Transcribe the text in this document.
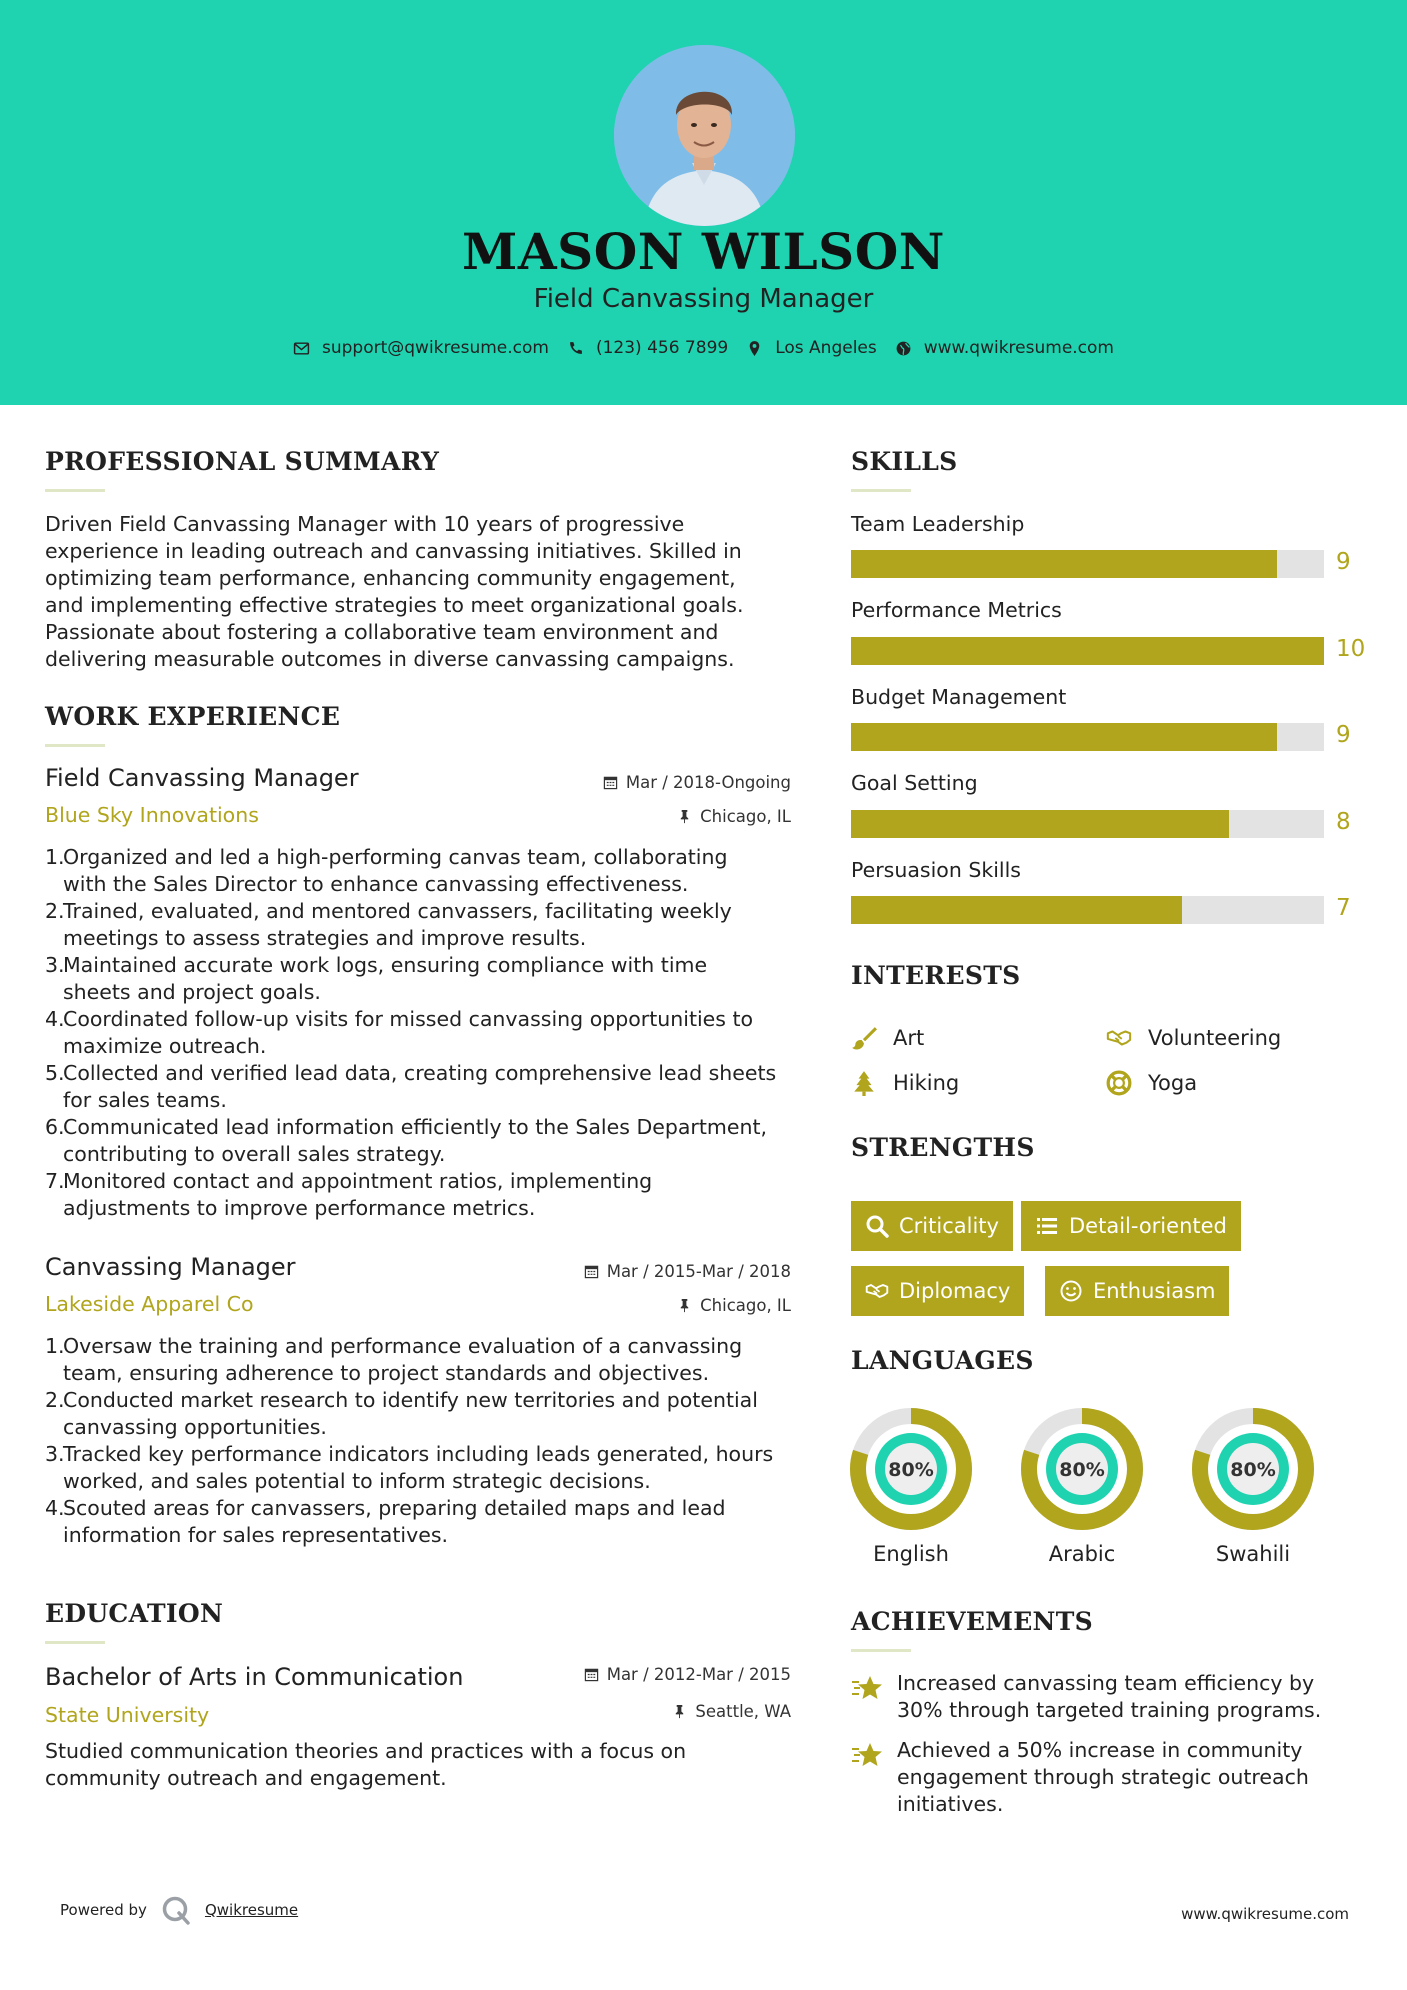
MASON WILSON
Field Canvassing Manager
support@qwikresume.com	(123) 456 7899	Los Angeles	www.qwikresume.com
PROFESSIONAL SUMMARY
Driven Field Canvassing Manager with 10 years of progressive
experience in leading outreach and canvassing initiatives. Skilled in
optimizing team performance, enhancing community engagement,
and implementing effective strategies to meet organizational goals.
Passionate about fostering a collaborative team environment and
delivering measurable outcomes in diverse canvassing campaigns.
WORK EXPERIENCE
Field Canvassing Manager
Blue Sky Innovations
Mar / 2018-Ongoing
Chicago, IL
1.
Organized and led a high-performing canvas team, collaborating
with the Sales Director to enhance canvassing effectiveness.
2.
Trained, evaluated, and mentored canvassers, facilitating weekly
meetings to assess strategies and improve results.
3.
Maintained accurate work logs, ensuring compliance with time
sheets and project goals.
4.
Coordinated follow-up visits for missed canvassing opportunities to
maximize outreach.
5.
Collected and verified lead data, creating comprehensive lead sheets
for sales teams.
6.
Communicated lead information efficiently to the Sales Department,
contributing to overall sales strategy.
7.
Monitored contact and appointment ratios, implementing
adjustments to improve performance metrics.
Canvassing Manager
Lakeside Apparel Co
Mar / 2015-Mar / 2018
Chicago, IL
1.
Oversaw the training and performance evaluation of a canvassing
team, ensuring adherence to project standards and objectives.
2.
Conducted market research to identify new territories and potential
canvassing opportunities.
3.
Tracked key performance indicators including leads generated, hours
worked, and sales potential to inform strategic decisions.
4.
Scouted areas for canvassers, preparing detailed maps and lead
information for sales representatives.
EDUCATION
Bachelor of Arts in Communication
State University
Mar / 2012-Mar / 2015
Seattle, WA
Studied communication theories and practices with a focus on
community outreach and engagement.
SKILLS
Team Leadership
9
Performance Metrics
10
Budget Management
9
Goal Setting
8
Persuasion Skills
7
INTERESTS
Art	Volunteering
Hiking	Yoga
STRENGTHS
Criticality	Detail-oriented
Diplomacy	Enthusiasm
LANGUAGES
80%
English
80%
Arabic
80%
Swahili
ACHIEVEMENTS
Increased canvassing team efficiency by
30% through targeted training programs.
Achieved a 50% increase in community
engagement through strategic outreach
initiatives.
Powered by	Qwikresume	www.qwikresume.com
